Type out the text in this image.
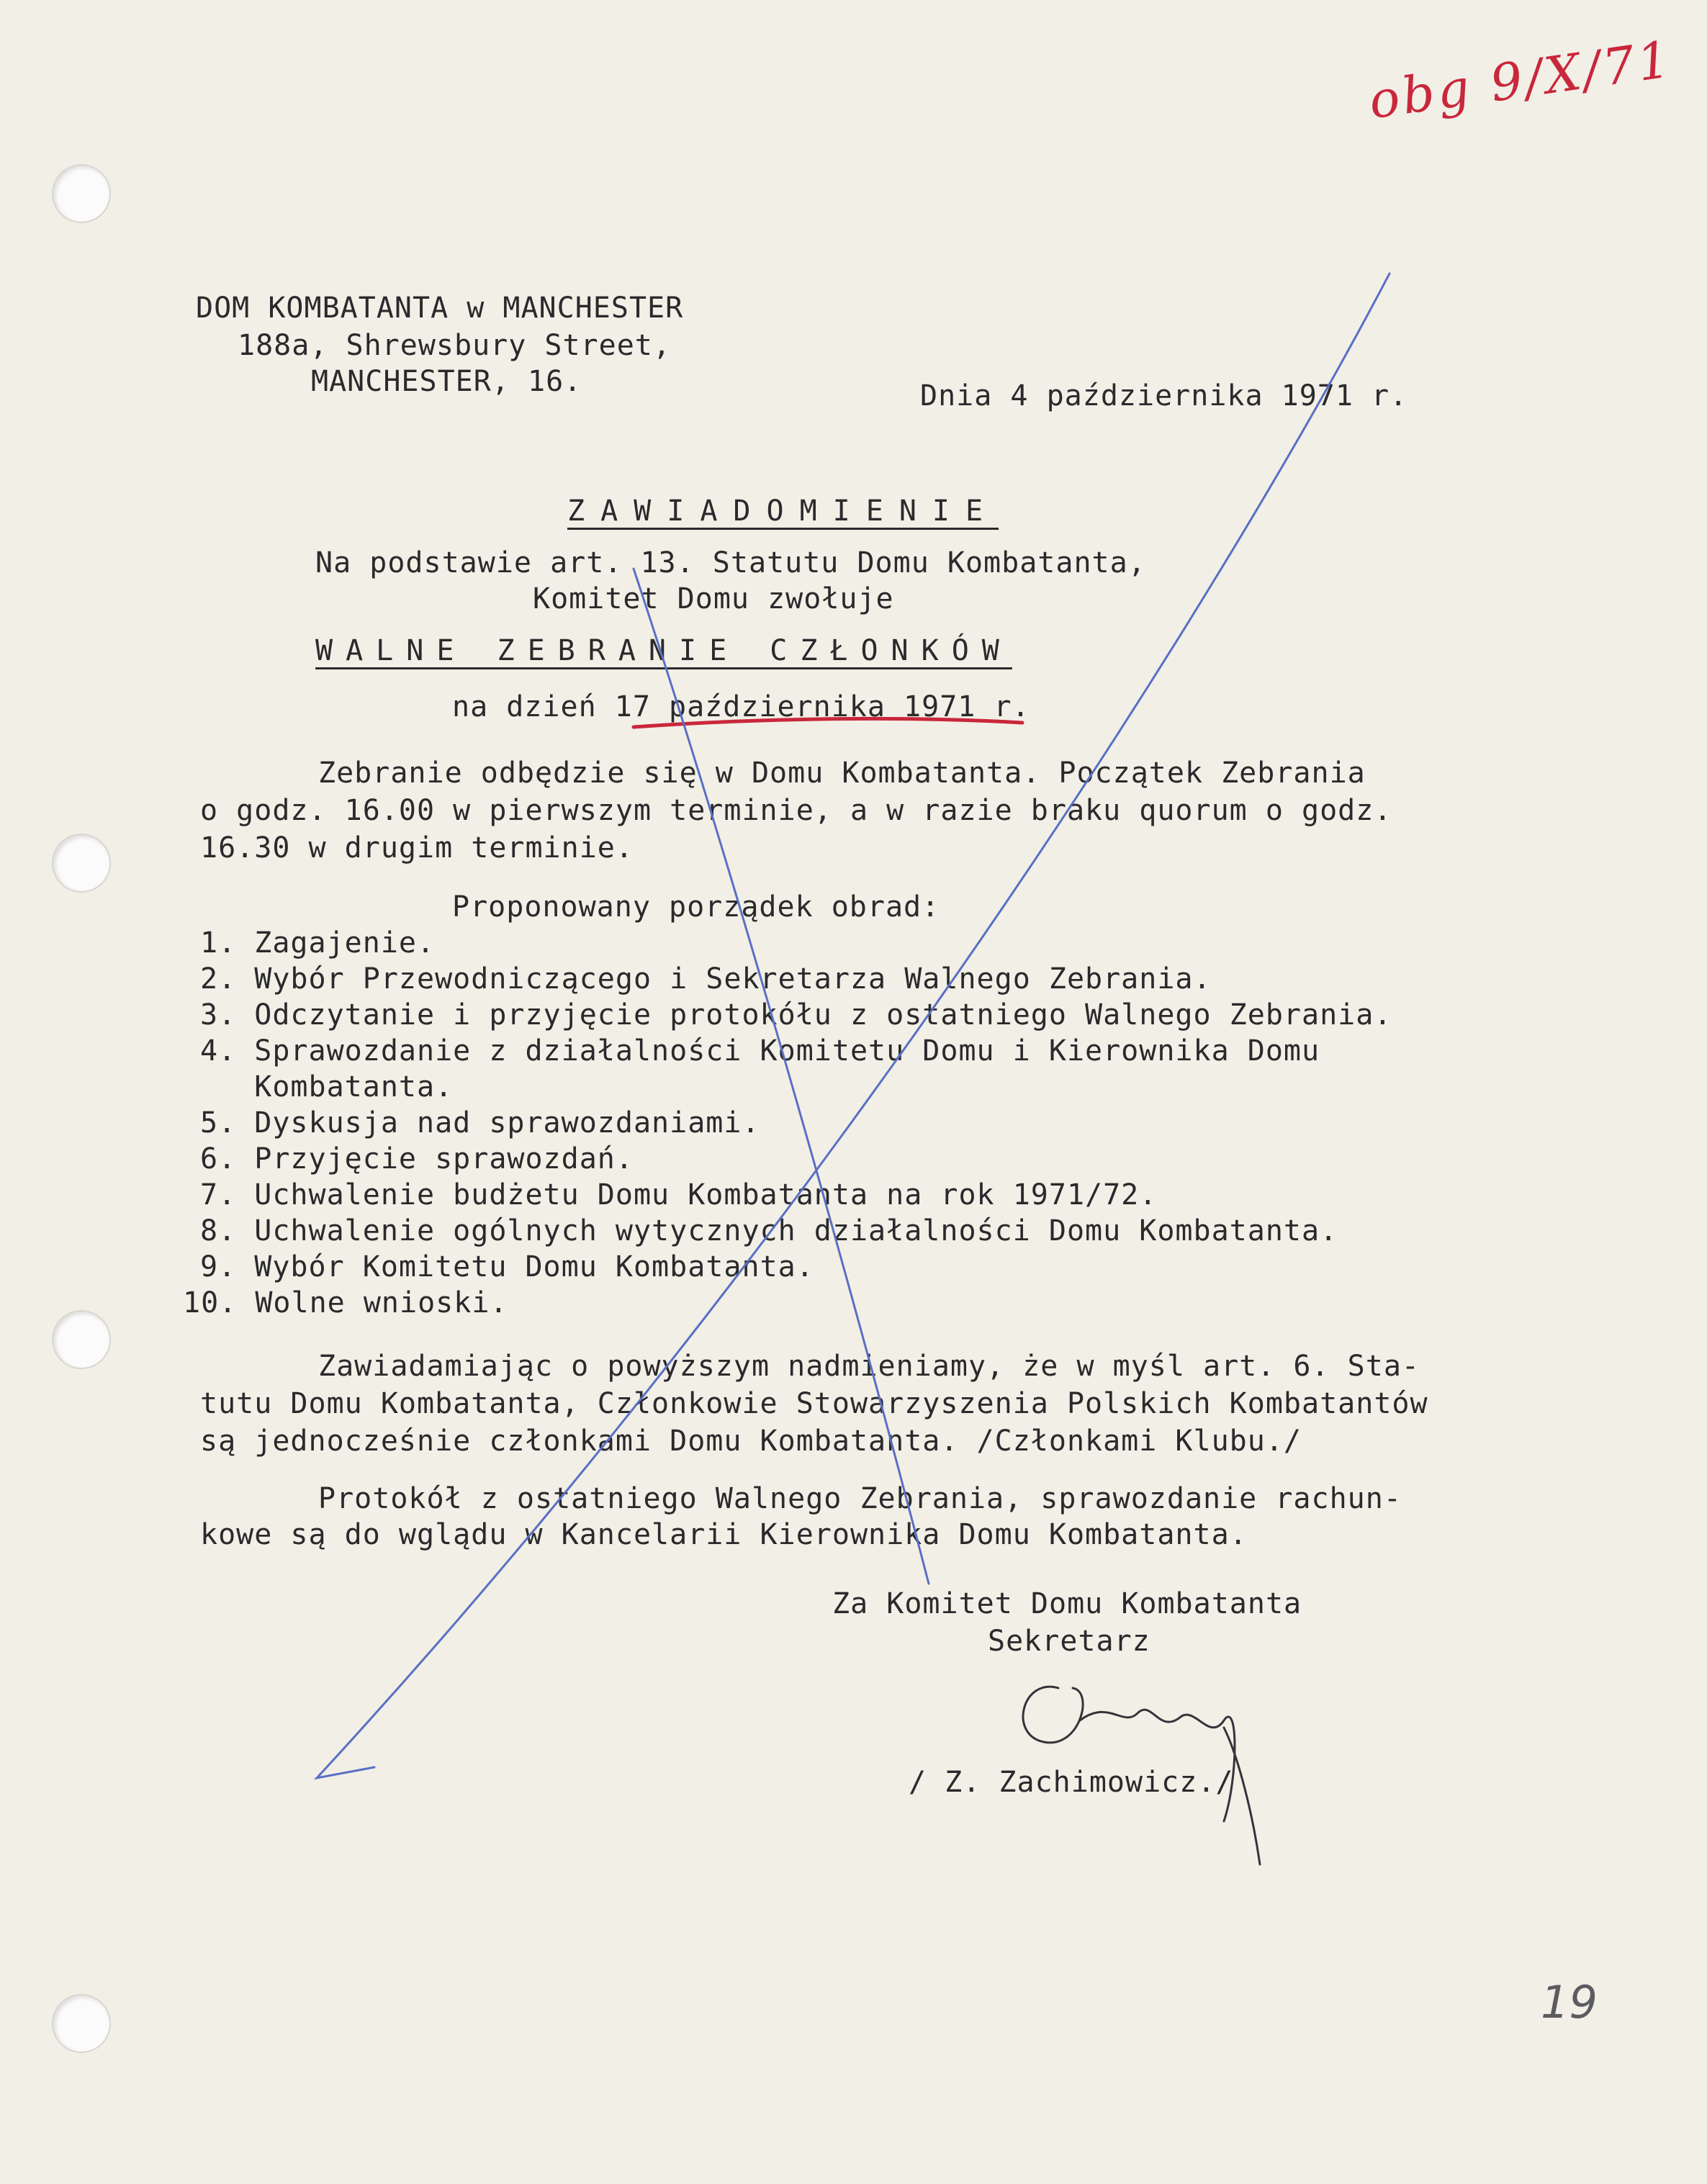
obg 9/X/71
19
DOM KOMBATANTA w MANCHESTER
188a, Shrewsbury Street,
MANCHESTER, 16.	Dnia 4 października 1971 r.
ZAWIADOMIENIE
Na podstawie art. 13. Statutu Domu Kombatanta,
Komitet Domu zwołuje
WALNE ZEBRANIE CZŁONKÓW
na dzień 17 października 1971 r.
Zebranie odbędzie się w Domu Kombatanta. Początek Zebrania
o godz. 16.00 w pierwszym terminie, a w razie braku quorum o godz.
16.30 w drugim terminie.
Proponowany porządek obrad:
1. Zagajenie.
2. Wybór Przewodniczącego i Sekretarza Walnego Zebrania.
3. Odczytanie i przyjęcie protokółu z ostatniego Walnego Zebrania.
4. Sprawozdanie z działalności Komitetu Domu i Kierownika Domu
Kombatanta.
5. Dyskusja nad sprawozdaniami.
6. Przyjęcie sprawozdań.
7. Uchwalenie budżetu Domu Kombatanta na rok 1971/72.
8. Uchwalenie ogólnych wytycznych działalności Domu Kombatanta.
9. Wybór Komitetu Domu Kombatanta.
10. Wolne wnioski.
Zawiadamiając o powyższym nadmieniamy, że w myśl art. 6. Sta-
tutu Domu Kombatanta, Członkowie Stowarzyszenia Polskich Kombatantów
są jednocześnie członkami Domu Kombatanta. /Członkami Klubu./
Protokół z ostatniego Walnego Zebrania, sprawozdanie rachun-
kowe są do wglądu w Kancelarii Kierownika Domu Kombatanta.
Za Komitet Domu Kombatanta
Sekretarz
/ Z. Zachimowicz./
